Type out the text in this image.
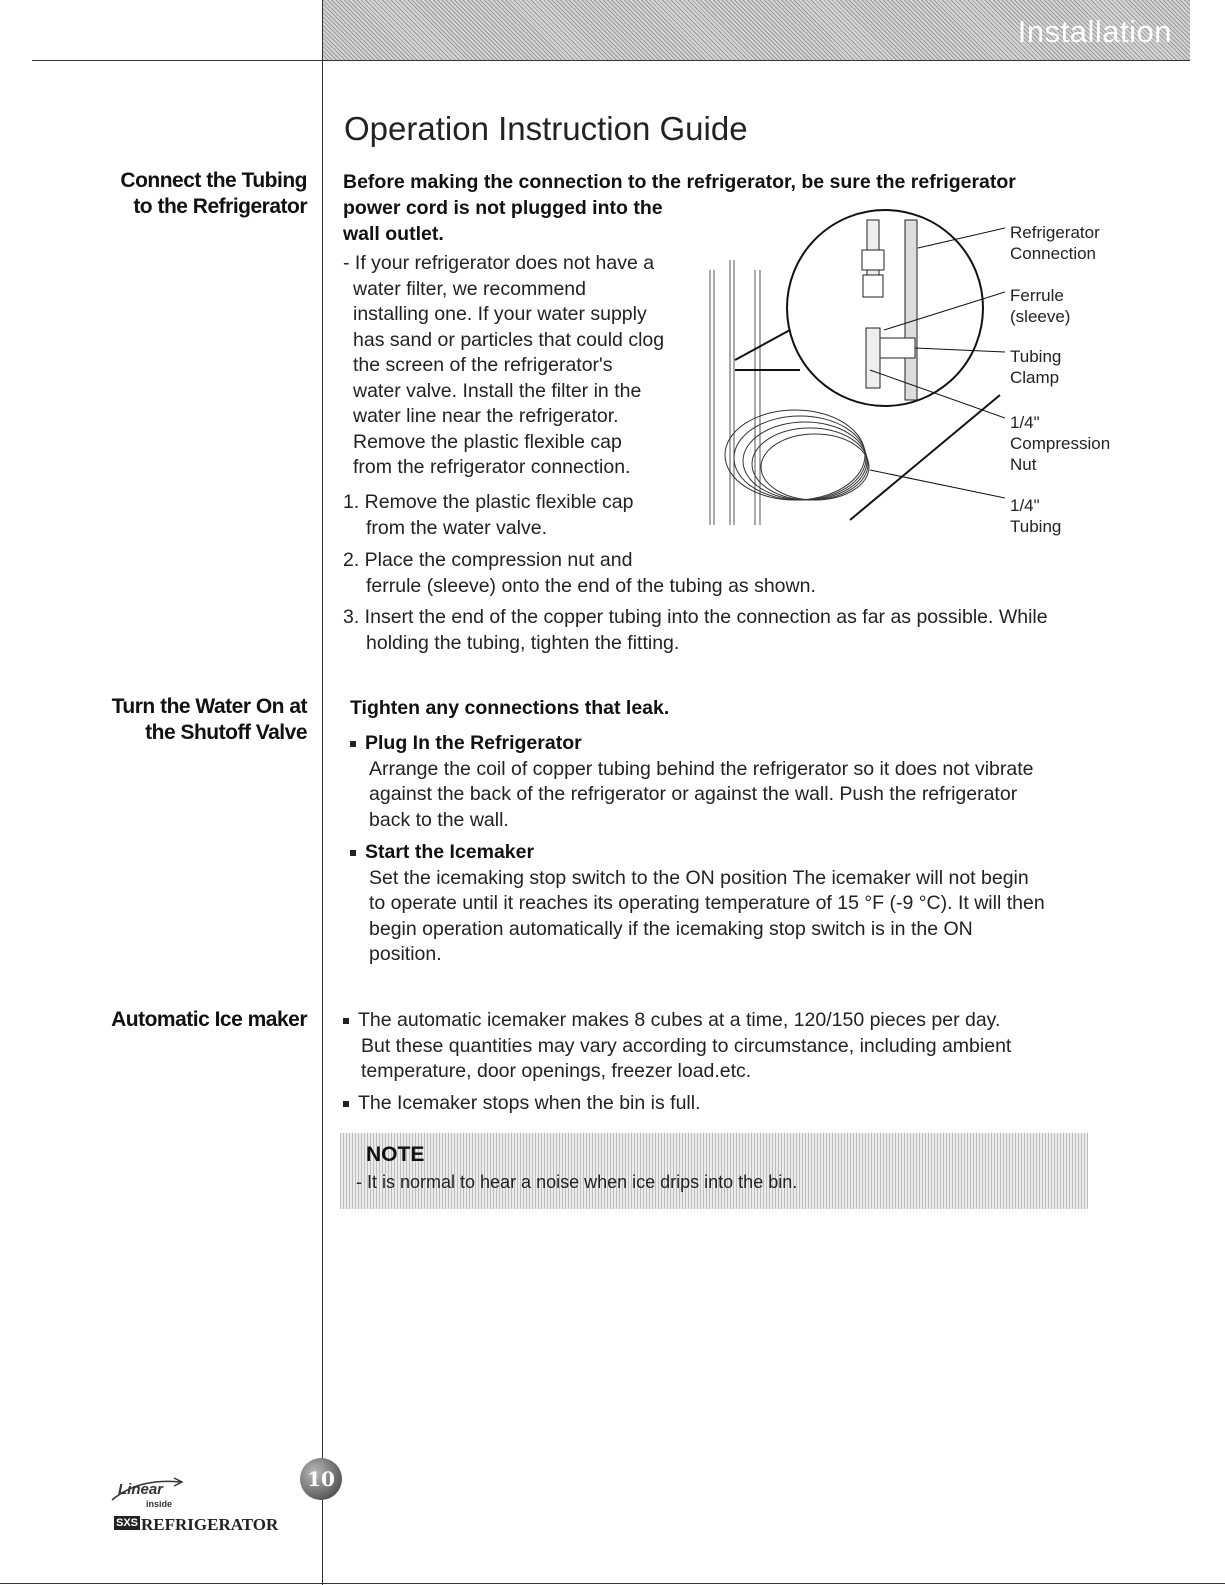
Installation
Connect the Tubing
to the Refrigerator
Turn the Water On at
the Shutoff Valve
Automatic Ice maker
Operation Instruction Guide
Before making the connection to the refrigerator, be sure the refrigerator
power cord is not plugged into the
wall outlet.
- If your refrigerator does not have a
water filter, we recommend
installing one. If your water supply
has sand or particles that could clog
the screen of the refrigerator's
water valve. Install the filter in the
water line near the refrigerator.
Remove the plastic flexible cap
from the refrigerator connection.
1. Remove the plastic flexible cap
from the water valve.
2. Place the compression nut and
ferrule (sleeve) onto the end of the tubing as shown.
3. Insert the end of the copper tubing into the connection as far as possible. While
holding the tubing, tighten the fitting.
Refrigerator
Connection
Ferrule
(sleeve)
Tubing
Clamp
1/4"
Compression
Nut
1/4"
Tubing
Tighten any connections that leak.
Plug In the Refrigerator
Arrange the coil of copper tubing behind the refrigerator so it does not vibrate
against the back of the refrigerator or against the wall. Push the refrigerator
back to the wall.
Start the Icemaker
Set the icemaking stop switch to the ON position The icemaker will not begin
to operate until it reaches its operating temperature of 15 °F (-9 °C). It will then
begin operation automatically if the icemaking stop switch is in the ON
position.
The automatic icemaker makes 8 cubes at a time, 120/150 pieces per day.
But these quantities may vary according to circumstance, including ambient
temperature, door openings, freezer load.etc.
The Icemaker stops when the bin is full.
NOTE
- It is normal to hear a noise when ice drips into the bin.
10
Linear
inside
SXS REFRIGERATOR
